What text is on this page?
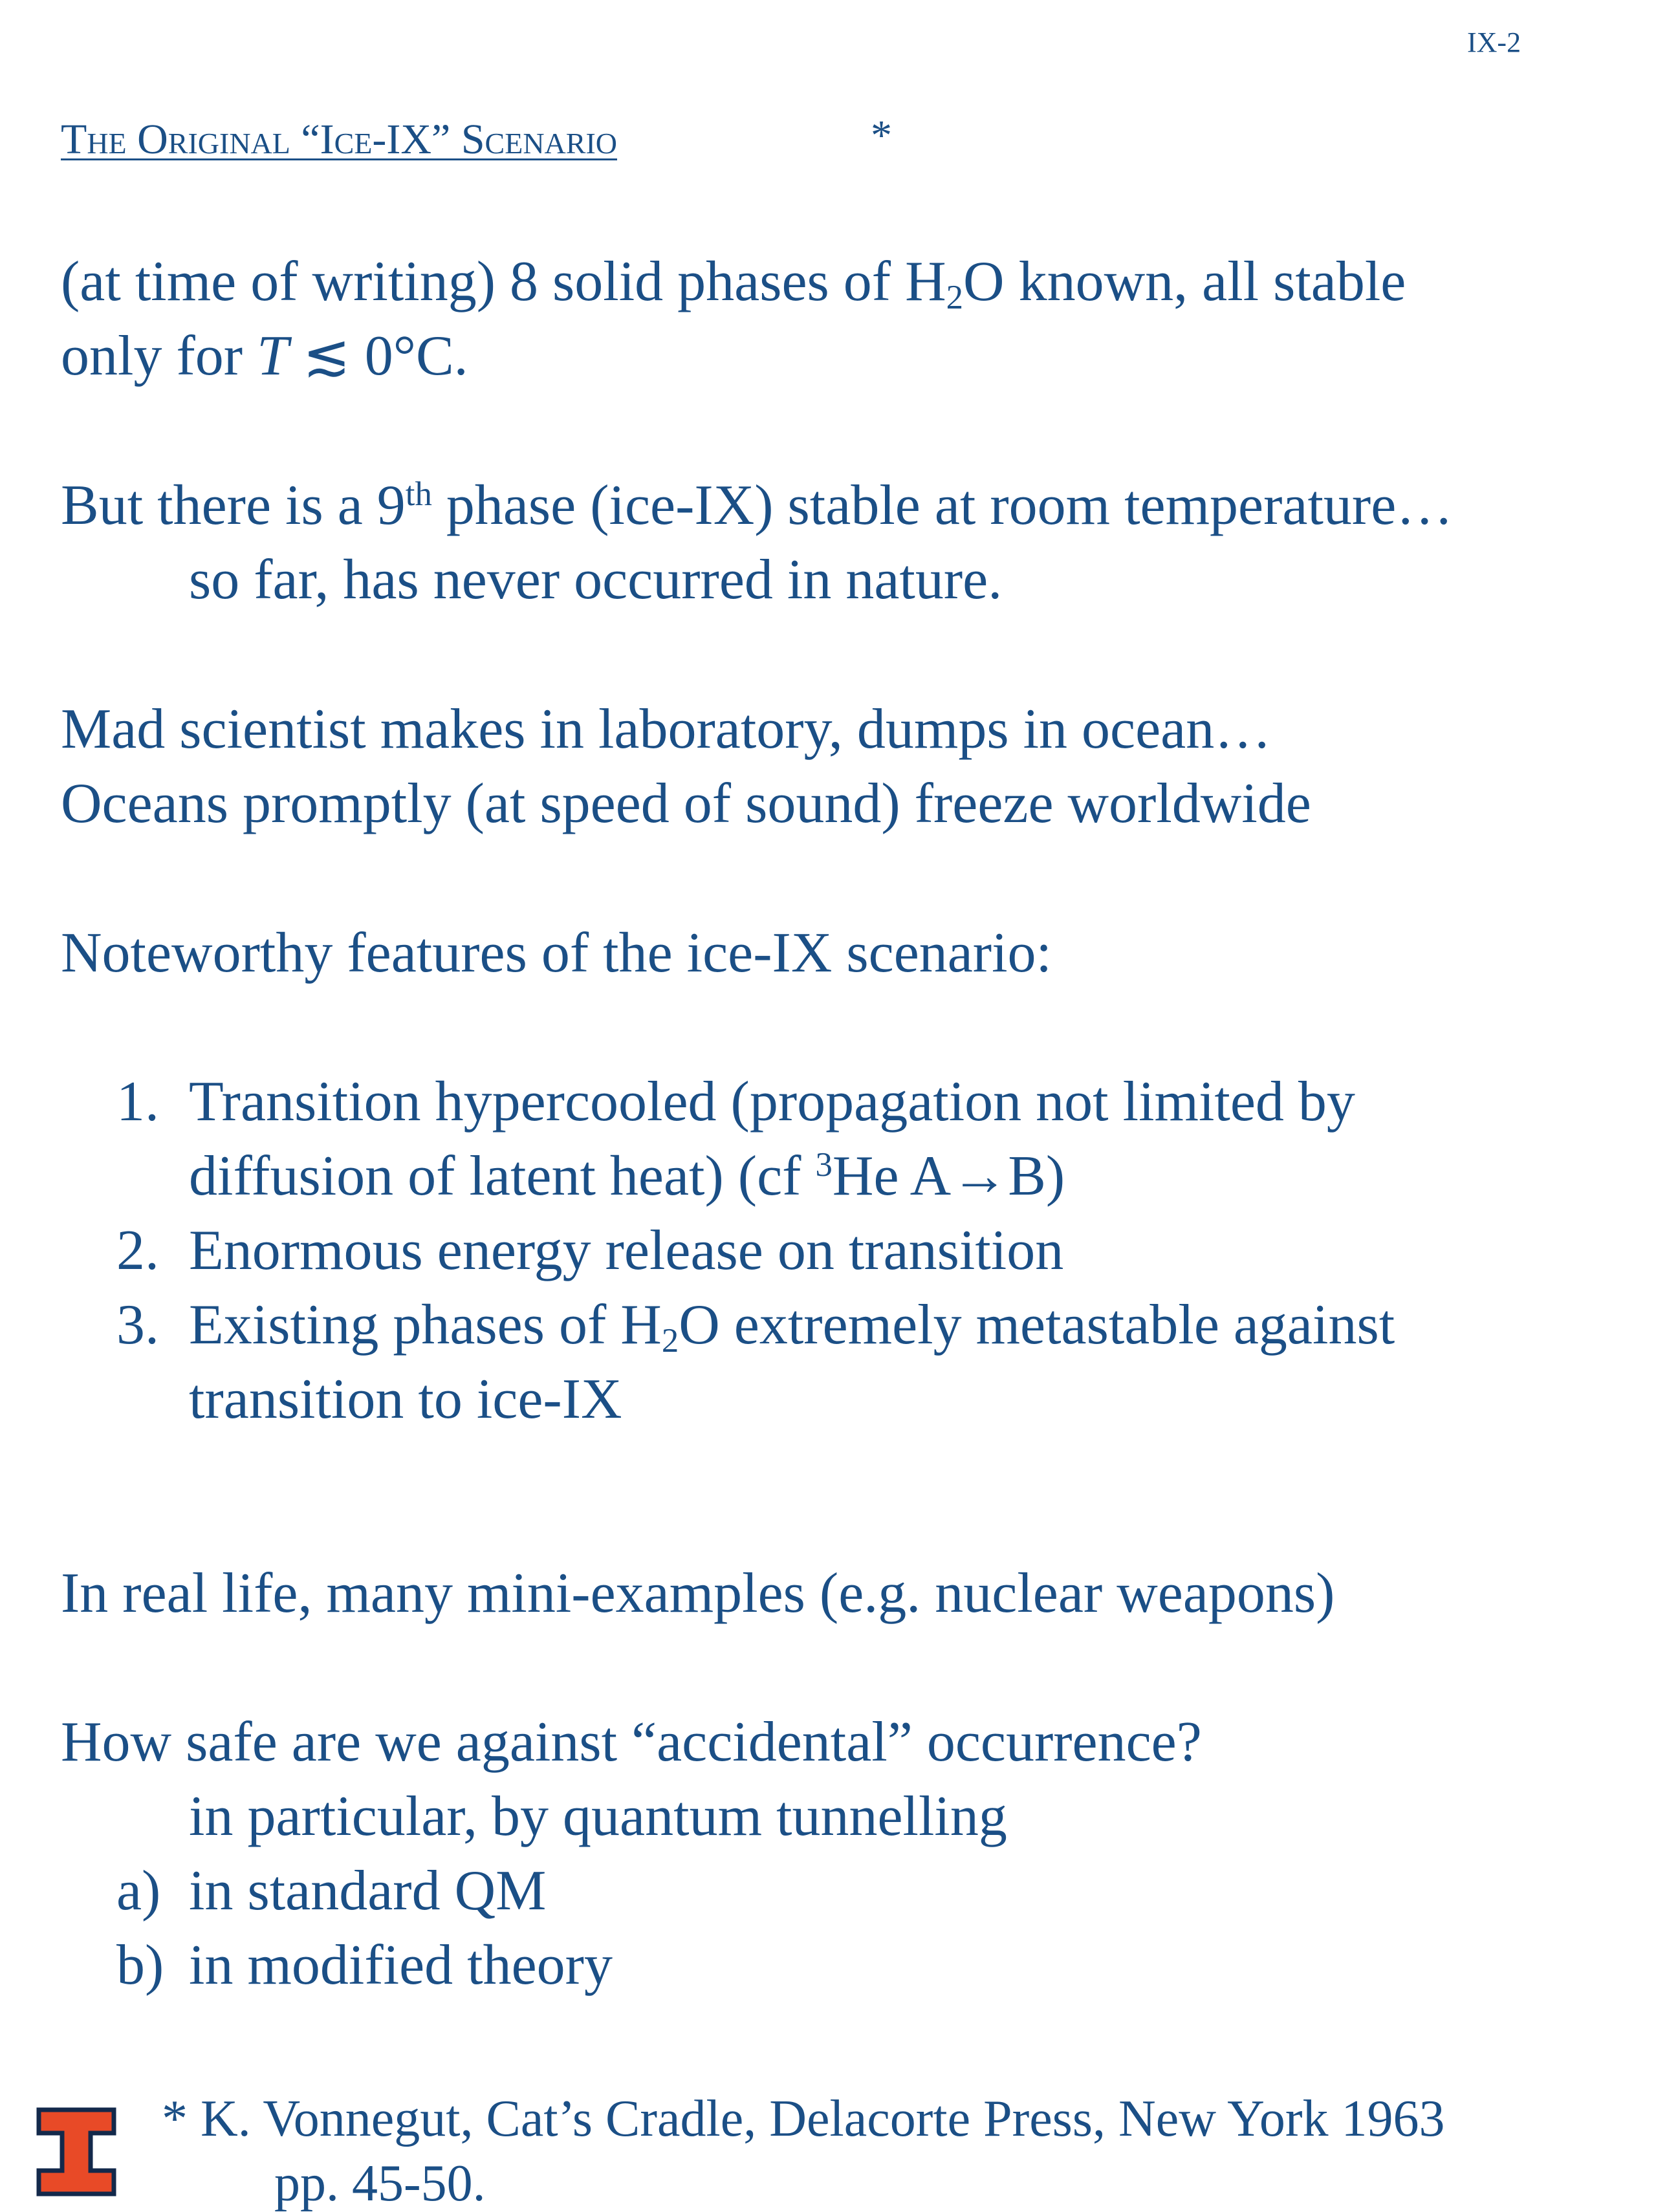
IX-2
The Original “Ice-IX” Scenario	*
(at time of writing) 8 solid phases of $H_2O$ known, all stable
only for T ≲ 0°C.
But there is a 9th phase (ice-IX) stable at room temperature…
so far, has never occurred in nature.
Mad scientist makes in laboratory, dumps in ocean…
Oceans promptly (at speed of sound) freeze worldwide
Noteworthy features of the ice-IX scenario:
1. Transition hypercooled (propagation not limited by
diffusion of latent heat) (cf $^3$He A→B)
2. Enormous energy release on transition
3. Existing phases of $H_2O$ extremely metastable against
transition to ice-IX
In real life, many mini-examples (e.g. nuclear weapons)
How safe are we against “accidental” occurrence?
in particular, by quantum tunnelling
a) in standard QM
b) in modified theory
* K. Vonnegut, Cat’s Cradle, Delacorte Press, New York 1963
pp. 45-50.
